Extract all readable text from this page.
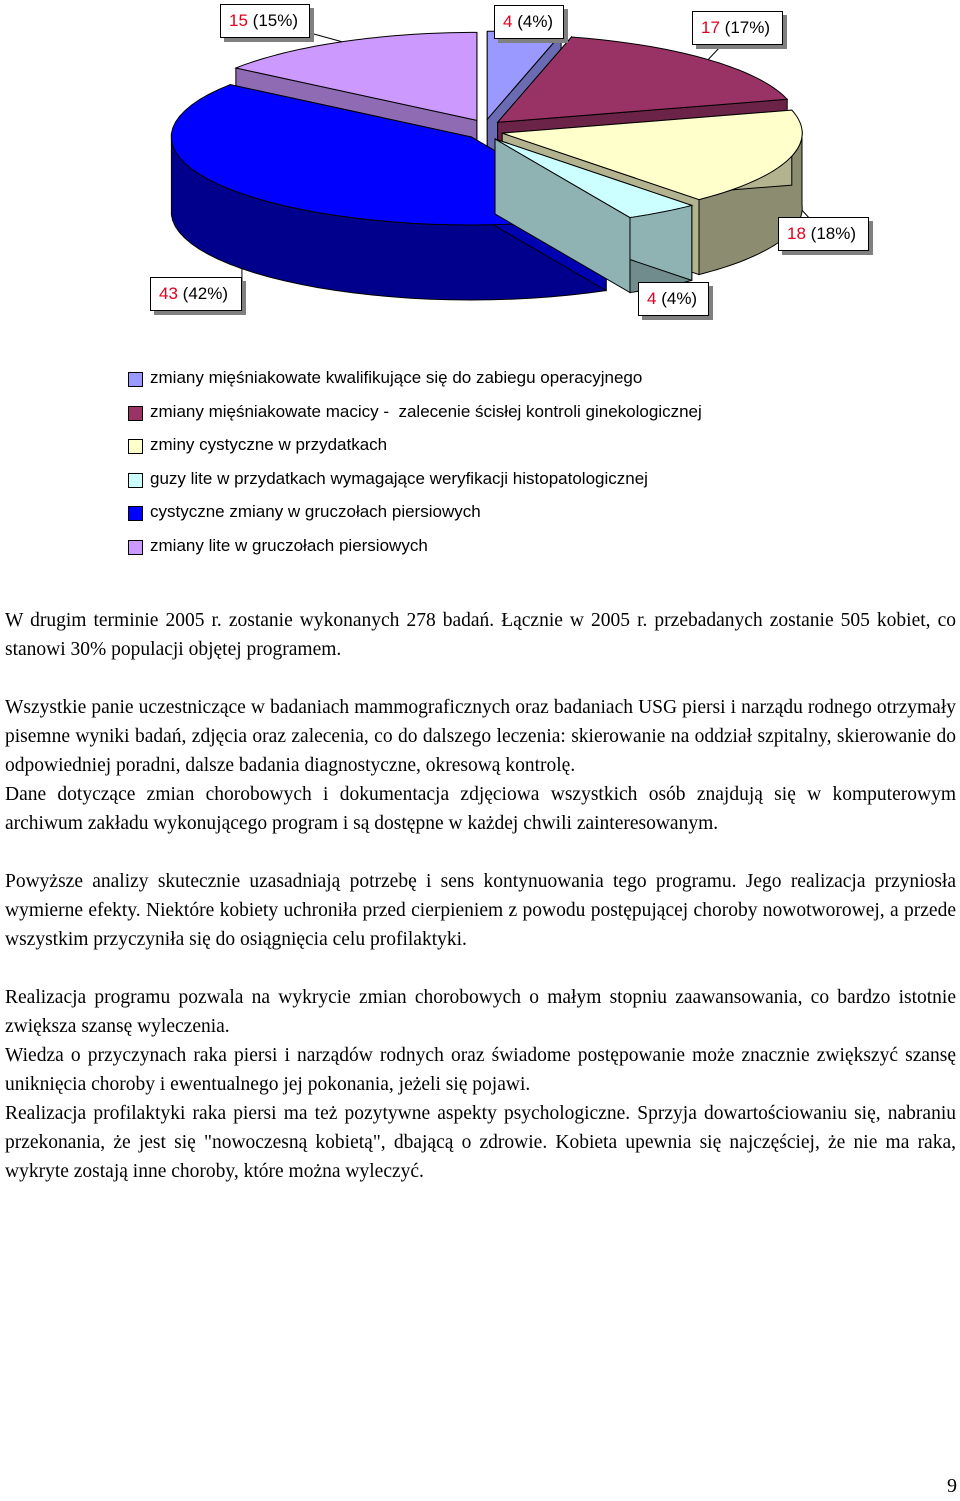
15 (15%)	4 (4%)	17 (17%)
18 (18%)
43 (42%)	4 (4%)
zmiany mięśniakowate kwalifikujące się do zabiegu operacyjnego
zmiany mięśniakowate macicy -  zalecenie ścisłej kontroli ginekologicznej
zminy cystyczne w przydatkach
guzy lite w przydatkach wymagające weryfikacji histopatologicznej
cystyczne zmiany w gruczołach piersiowych
zmiany lite w gruczołach piersiowych

W drugim terminie 2005 r. zostanie wykonanych 278 badań. Łącznie w 2005 r. przebadanych zostanie 505 kobiet, co stanowi 30% populacji objętej programem.

Wszystkie panie uczestniczące w badaniach mammograficznych oraz badaniach USG piersi i narządu rodnego otrzymały pisemne wyniki badań, zdjęcia oraz zalecenia, co do dalszego leczenia: skierowanie na oddział szpitalny, skierowanie do odpowiedniej poradni, dalsze badania diagnostyczne, okresową kontrolę.

Dane dotyczące zmian chorobowych i dokumentacja zdjęciowa wszystkich osób znajdują się w komputerowym archiwum zakładu wykonującego program i są dostępne w każdej chwili zainteresowanym.

Powyższe analizy skutecznie uzasadniają potrzebę i sens kontynuowania tego programu. Jego realizacja przyniosła wymierne efekty. Niektóre kobiety uchroniła przed cierpieniem z powodu postępującej choroby nowotworowej, a przede wszystkim przyczyniła się do osiągnięcia celu profilaktyki.

Realizacja programu pozwala na wykrycie zmian chorobowych o małym stopniu zaawansowania, co bardzo istotnie zwiększa szansę wyleczenia.

Wiedza o przyczynach raka piersi i narządów rodnych oraz świadome postępowanie może znacznie zwiększyć szansę uniknięcia choroby i ewentualnego jej pokonania, jeżeli się pojawi.

Realizacja profilaktyki raka piersi ma też pozytywne aspekty psychologiczne. Sprzyja dowartościowaniu się, nabraniu przekonania, że jest się "nowoczesną kobietą", dbającą o zdrowie. Kobieta upewnia się najczęściej, że nie ma raka, wykryte zostają inne choroby, które można wyleczyć.

9
